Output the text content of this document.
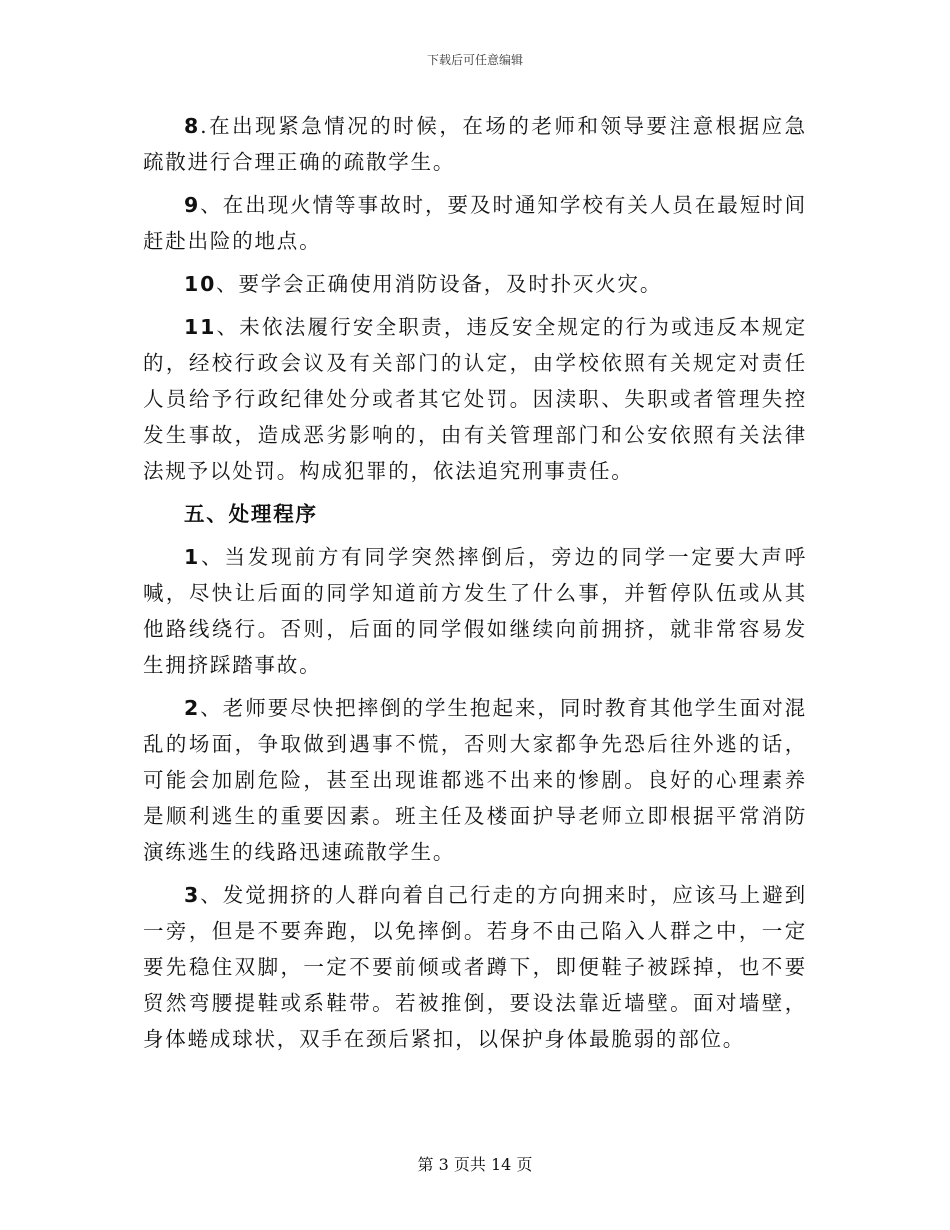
下载后可任意编辑

8.在出现紧急情况的时候，在场的老师和领导要注意根据应急疏散进行合理正确的疏散学生。

9、在出现火情等事故时，要及时通知学校有关人员在最短时间赶赴出险的地点。

10、要学会正确使用消防设备，及时扑灭火灾。

11、未依法履行安全职责，违反安全规定的行为或违反本规定的，经校行政会议及有关部门的认定，由学校依照有关规定对责任人员给予行政纪律处分或者其它处罚。因渎职、失职或者管理失控发生事故，造成恶劣影响的，由有关管理部门和公安依照有关法律法规予以处罚。构成犯罪的，依法追究刑事责任。

五、处理程序

1、当发现前方有同学突然摔倒后，旁边的同学一定要大声呼喊，尽快让后面的同学知道前方发生了什么事，并暂停队伍或从其他路线绕行。否则，后面的同学假如继续向前拥挤，就非常容易发生拥挤踩踏事故。

2、老师要尽快把摔倒的学生抱起来，同时教育其他学生面对混乱的场面，争取做到遇事不慌，否则大家都争先恐后往外逃的话，可能会加剧危险，甚至出现谁都逃不出来的惨剧。良好的心理素养是顺利逃生的重要因素。班主任及楼面护导老师立即根据平常消防演练逃生的线路迅速疏散学生。

3、发觉拥挤的人群向着自己行走的方向拥来时，应该马上避到一旁，但是不要奔跑，以免摔倒。若身不由己陷入人群之中，一定要先稳住双脚，一定不要前倾或者蹲下，即便鞋子被踩掉，也不要贸然弯腰提鞋或系鞋带。若被推倒，要设法靠近墙壁。面对墙壁，身体蜷成球状，双手在颈后紧扣，以保护身体最脆弱的部位。

第 3 页共 14 页
